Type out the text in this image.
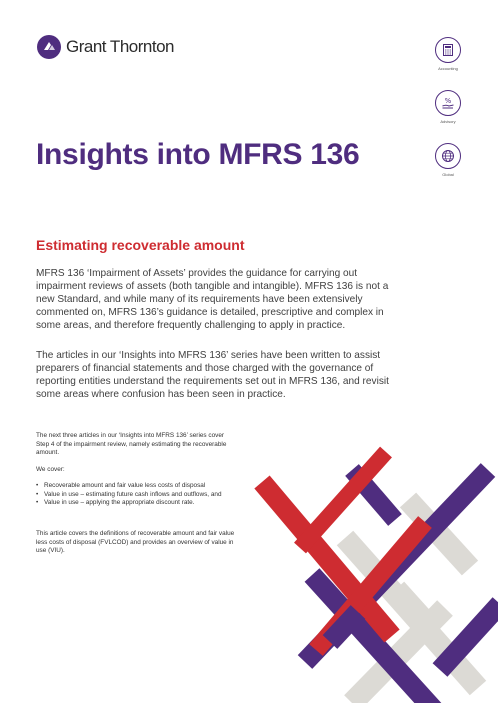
Grant Thornton
Accounting
%
Advisory
Global
Insights into MFRS 136
Estimating recoverable amount

MFRS 136 ‘Impairment of Assets’ provides the guidance for carrying out impairment reviews of assets (both tangible and intangible). MFRS 136 is not a new Standard, and while many of its requirements have been extensively commented on, MFRS 136’s guidance is detailed, prescriptive and complex in some areas, and therefore frequently challenging to apply in practice.

The articles in our ‘Insights into MFRS 136’ series have been written to assist preparers of financial statements and those charged with the governance of reporting entities understand the requirements set out in MFRS 136, and revisit some areas where confusion has been seen in practice.

The next three articles in our ‘Insights into MFRS 136’ series cover Step 4 of the impairment review, namely estimating the recoverable amount.

We cover:

• Recoverable amount and fair value less costs of disposal
• Value in use – estimating future cash inflows and outflows, and
• Value in use – applying the appropriate discount rate.

This article covers the definitions of recoverable amount and fair value less costs of disposal (FVLCOD) and provides an overview of value in use (VIU).
